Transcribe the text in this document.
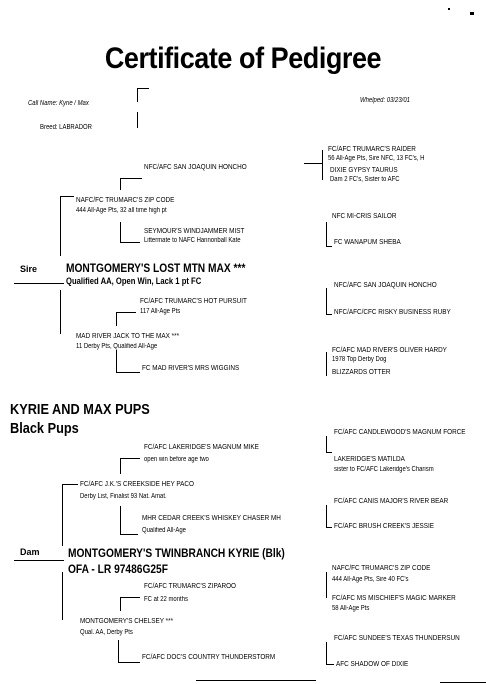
Certificate of Pedigree
Call Name: Kyrie / Max	Whelped: 03/23/01
Breed: LABRADOR
FC/AFC TRUMARC'S RAIDER
56 All-Age Pts, Sire NFC, 13 FC's, H
DIXIE GYPSY TAURUS
Dam 2 FC's, Sister to AFC
NFC MI-CRIS SAILOR
FC WANAPUM SHEBA
NFC/AFC SAN JOAQUIN HONCHO
NFC/AFC/CFC RISKY BUSINESS RUBY
FC/AFC MAD RIVER'S OLIVER HARDY
1978 Top Derby Dog
BLIZZARDS OTTER
NFC/AFC SAN JOAQUIN HONCHO
SEYMOUR'S WINDJAMMER MIST
Littermate to NAFC Hannonball Kate
FC/AFC TRUMARC'S HOT PURSUIT
117 All-Age Pts
FC MAD RIVER'S MRS WIGGINS
NAFC/FC TRUMARC'S ZIP CODE
444 All-Age Pts, 32 all time high pt
MAD RIVER JACK TO THE MAX ***
11 Derby Pts, Qualified All-Age
Sire MONTGOMERY'S LOST MTN MAX ***
Qualified AA, Open Win, Lack 1 pt FC
KYRIE AND MAX PUPS
Black Pups	FC/AFC CANDLEWOOD'S MAGNUM FORCE
LAKERIDGE'S MATILDA
sister to FC/AFC Lakeridge's Charism
FC/AFC CANIS MAJOR'S RIVER BEAR
FC/AFC BRUSH CREEK'S JESSIE
NAFC/FC TRUMARC'S ZIP CODE
444 All-Age Pts, Sire 40 FC's
FC/AFC MS MISCHIEF'S MAGIC MARKER
58 All-Age Pts
FC/AFC SUNDEE'S TEXAS THUNDERSUN
AFC SHADOW OF DIXIE
FC/AFC LAKERIDGE'S MAGNUM MIKE
open win before age two
MHR CEDAR CREEK'S WHISKEY CHASER MH
Qualified All-Age
FC/AFC TRUMARC'S ZIPAROO
FC at 22 months
FC/AFC DOC'S COUNTRY THUNDERSTORM
FC/AFC J.K.'S CREEKSIDE HEY PACO
Derby List, Finalist 93 Nat. Amat.
MONTGOMERY'S CHELSEY ***
Qual. AA, Derby Pts
Dam MONTGOMERY'S TWINBRANCH KYRIE (Blk)
OFA - LR 97486G25F
